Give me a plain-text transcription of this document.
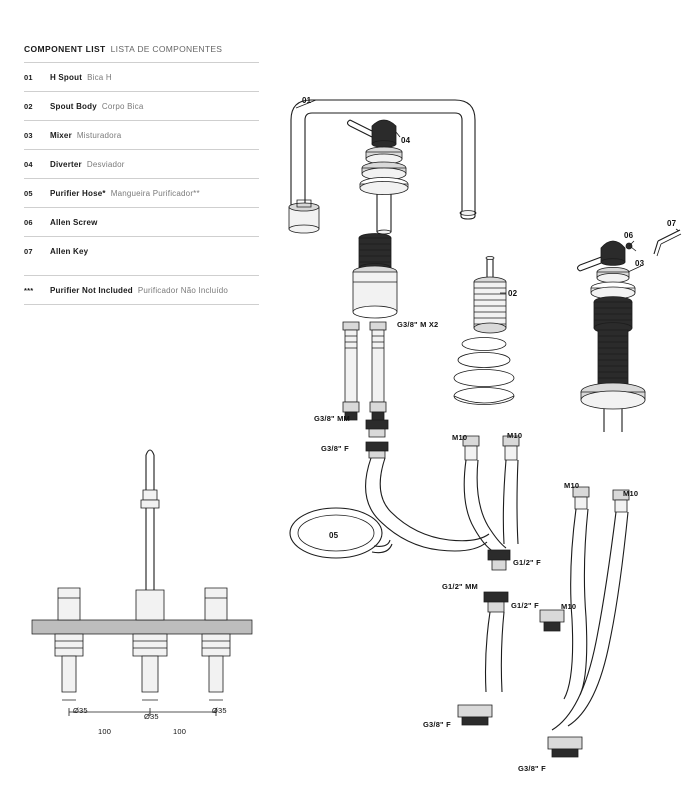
COMPONENT LIST LISTA DE COMPONENTES
01	H Spout Bica H
02	Spout Body Corpo Bica
03	Mixer Misturadora
04	Diverter Desviador
05	Purifier Hose* Mangueira Purificador**
06	Allen Screw
07	Allen Key
***	Purifier Not Included Purificador Não Incluído
01
04
02
06
03
07
05
G3/8" M X2
G3/8" MM
G3/8" F
M10	M10
G1/2" F
G1/2" MM
G1/2" F
M10
M10
M10
G3/8" F
G3/8" F
Ø35
Ø35
Ø35
100	100
